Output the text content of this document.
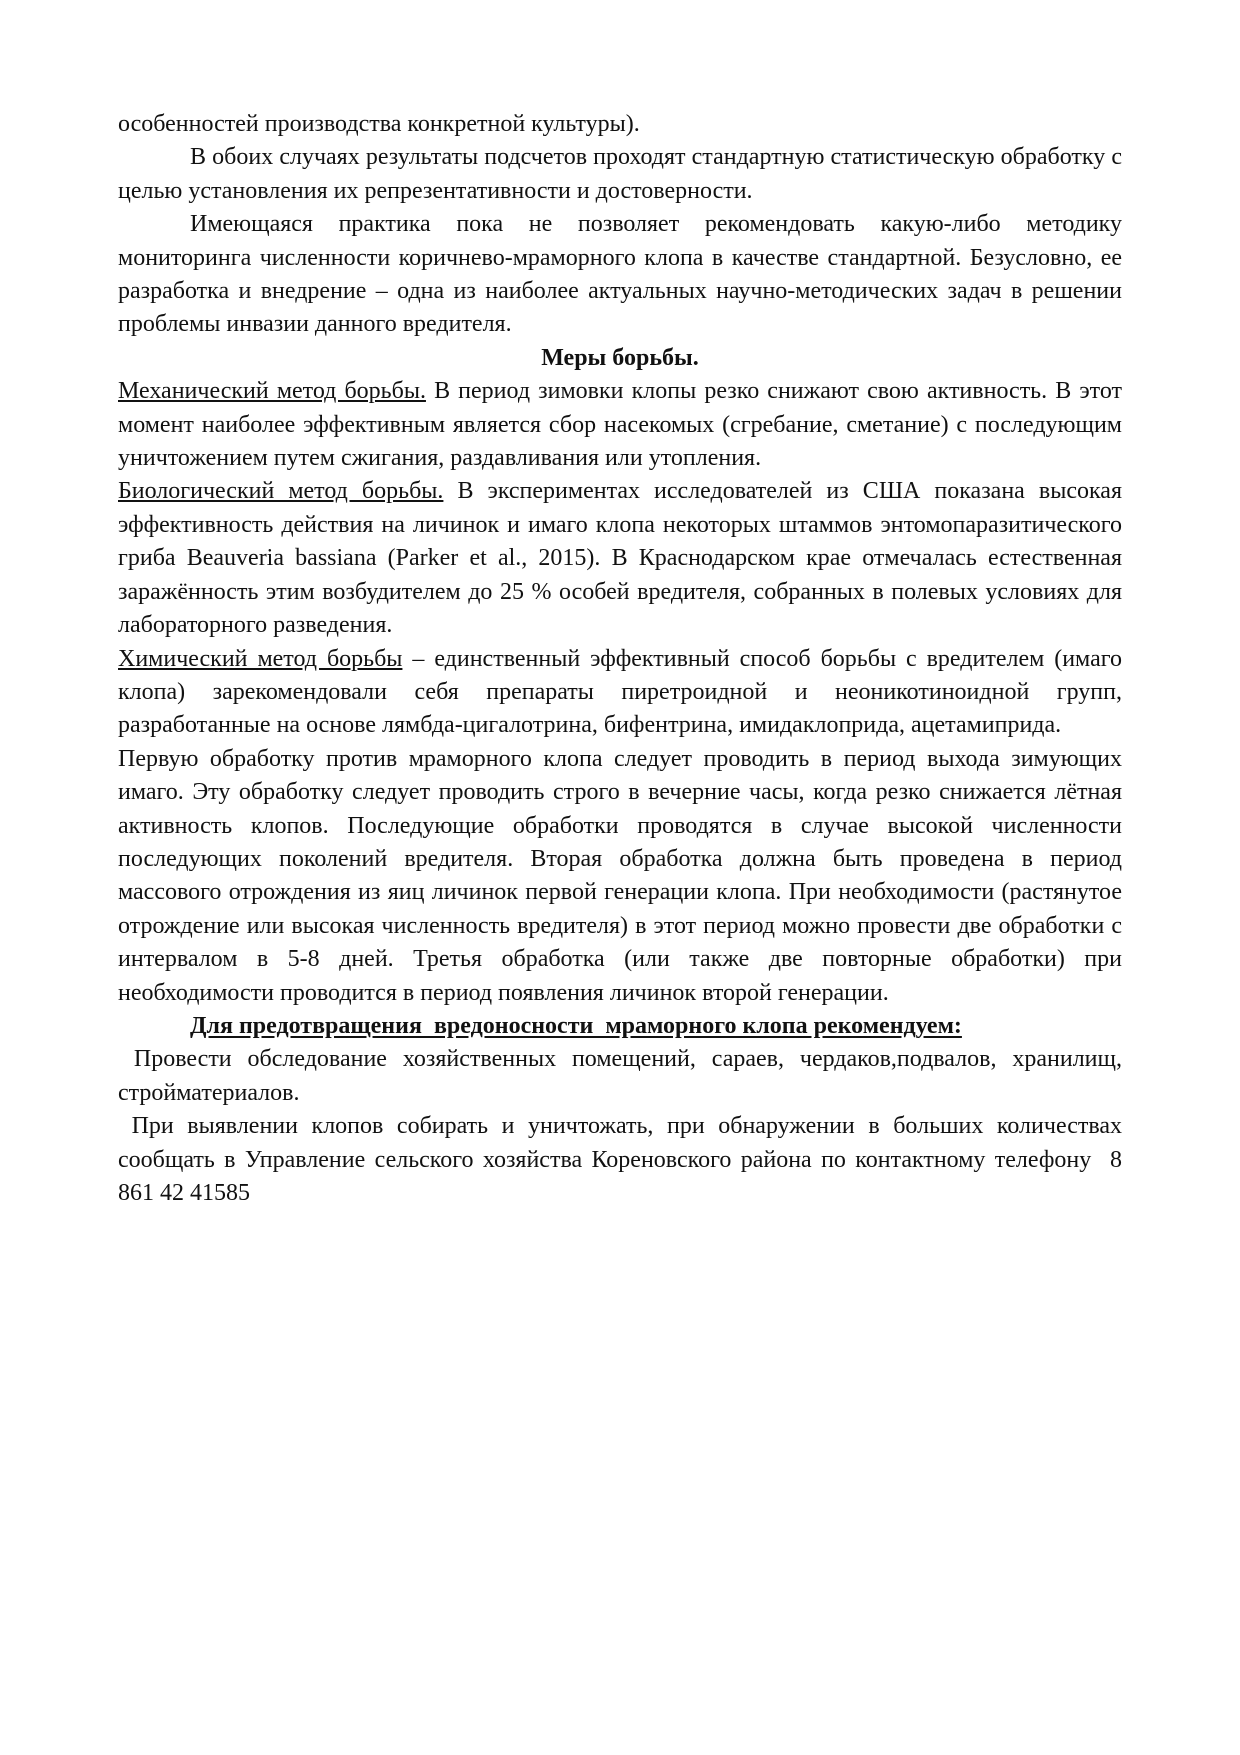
особенностей производства конкретной культуры).

В обоих случаях результаты подсчетов проходят стандартную статистическую обработку с целью установления их репрезентативности и достоверности.

Имеющаяся практика пока не позволяет рекомендовать какую-либо методику мониторинга численности коричнево-мраморного клопа в качестве стандартной. Безусловно, ее разработка и внедрение – одна из наиболее актуальных научно-методических задач в решении проблемы инвазии данного вредителя.

Меры борьбы.

Механический метод борьбы. В период зимовки клопы резко снижают свою активность. В этот момент наиболее эффективным является сбор насекомых (сгребание, сметание) с последующим уничтожением путем сжигания, раздавливания или утопления.

Биологический метод борьбы. В экспериментах исследователей из США показана высокая эффективность действия на личинок и имаго клопа некоторых штаммов энтомопаразитического гриба Beauveria bassiana (Parker et al., 2015). В Краснодарском крае отмечалась естественная заражённость этим возбудителем до 25 % особей вредителя, собранных в полевых условиях для лабораторного разведения.

Химический метод борьбы – единственный эффективный способ борьбы с вредителем (имаго клопа) зарекомендовали себя препараты пиретроидной и неоникотиноидной групп, разработанные на основе лямбда-цигалотрина, бифентрина, имидаклоприда, ацетамиприда.

Первую обработку против мраморного клопа следует проводить в период выхода зимующих имаго. Эту обработку следует проводить строго в вечерние часы, когда резко снижается лётная активность клопов. Последующие обработки проводятся в случае высокой численности последующих поколений вредителя. Вторая обработка должна быть проведена в период массового отрождения из яиц личинок первой генерации клопа. При необходимости (растянутое отрождение или высокая численность вредителя) в этот период можно провести две обработки с интервалом в 5-8 дней. Третья обработка (или также две повторные обработки) при необходимости проводится в период появления личинок второй генерации.

Для предотвращения  вредоносности  мраморного клопа рекомендуем:

Провести обследование хозяйственных помещений, сараев, чердаков,подвалов, хранилищ, стройматериалов.

При выявлении клопов собирать и уничтожать, при обнаружении в больших количествах сообщать в Управление сельского хозяйства Кореновского района по контактному телефону  8 861 42 41585
